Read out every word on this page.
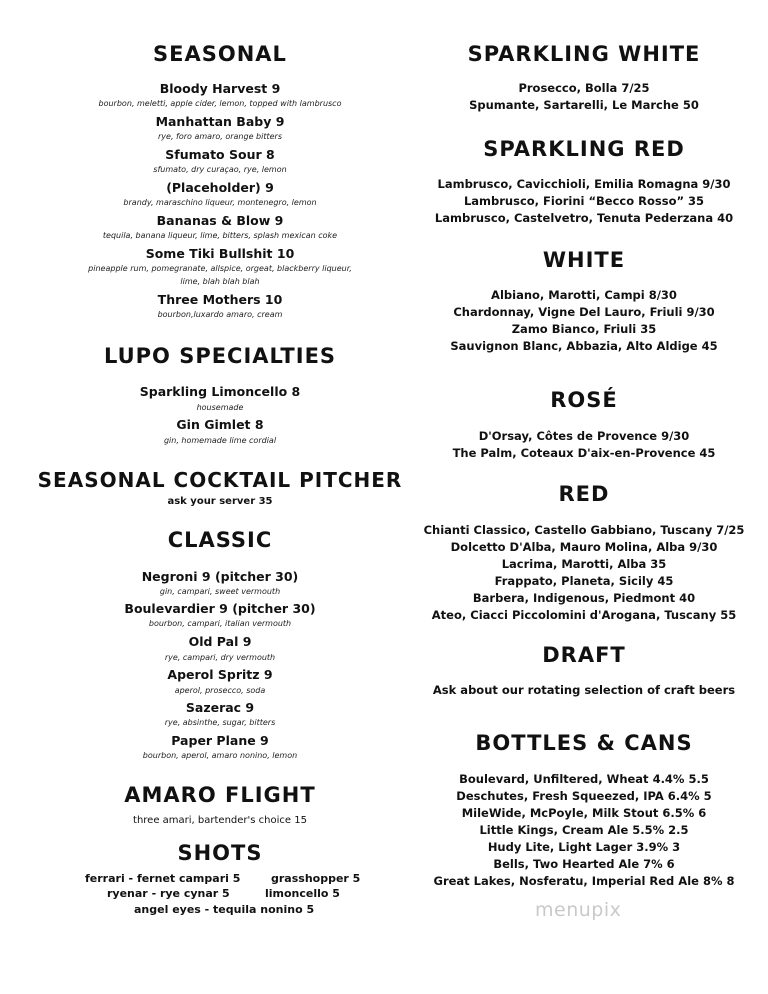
SEASONAL
Bloody Harvest 9
bourbon, meletti, apple cider, lemon, topped with lambrusco
Manhattan Baby 9
rye, foro amaro, orange bitters
Sfumato Sour 8
sfumato, dry curaçao, rye, lemon
(Placeholder) 9
brandy, maraschino liqueur, montenegro, lemon
Bananas & Blow 9
tequila, banana liqueur, lime, bitters, splash mexican coke
Some Tiki Bullshit 10
pineapple rum, pomegranate, allspice, orgeat, blackberry liqueur,
lime, blah blah blah
Three Mothers 10
bourbon,luxardo amaro, cream
LUPO SPECIALTIES
Sparkling Limoncello 8
housemade
Gin Gimlet 8
gin, homemade lime cordial
SEASONAL COCKTAIL PITCHER
ask your server 35
CLASSIC
Negroni 9 (pitcher 30)
gin, campari, sweet vermouth
Boulevardier 9 (pitcher 30)
bourbon, campari, italian vermouth
Old Pal 9
rye, campari, dry vermouth
Aperol Spritz 9
aperol, prosecco, soda
Sazerac 9
rye, absinthe, sugar, bitters
Paper Plane 9
bourbon, aperol, amaro nonino, lemon
AMARO FLIGHT
three amari, bartender's choice 15
SHOTS
ferrari - fernet campari 5	grasshopper 5
ryenar - rye cynar 5	limoncello 5
angel eyes - tequila nonino 5
SPARKLING WHITE
Prosecco, Bolla 7/25
Spumante, Sartarelli, Le Marche 50
SPARKLING RED
Lambrusco, Cavicchioli, Emilia Romagna 9/30
Lambrusco, Fiorini “Becco Rosso” 35
Lambrusco, Castelvetro, Tenuta Pederzana 40
WHITE
Albiano, Marotti, Campi 8/30
Chardonnay, Vigne Del Lauro, Friuli 9/30
Zamo Bianco, Friuli 35
Sauvignon Blanc, Abbazia, Alto Aldige 45
ROSÉ
D'Orsay, Côtes de Provence 9/30
The Palm, Coteaux D'aix-en-Provence 45
RED
Chianti Classico, Castello Gabbiano, Tuscany 7/25
Dolcetto D'Alba, Mauro Molina, Alba 9/30
Lacrima, Marotti, Alba 35
Frappato, Planeta, Sicily 45
Barbera, Indigenous, Piedmont 40
Ateo, Ciacci Piccolomini d'Arogana, Tuscany 55
DRAFT
Ask about our rotating selection of craft beers
BOTTLES & CANS
Boulevard, Unfiltered, Wheat 4.4% 5.5
Deschutes, Fresh Squeezed, IPA 6.4% 5
MileWide, McPoyle, Milk Stout 6.5% 6
Little Kings, Cream Ale 5.5% 2.5
Hudy Lite, Light Lager 3.9% 3
Bells, Two Hearted Ale 7% 6
Great Lakes, Nosferatu, Imperial Red Ale 8% 8
menupix
